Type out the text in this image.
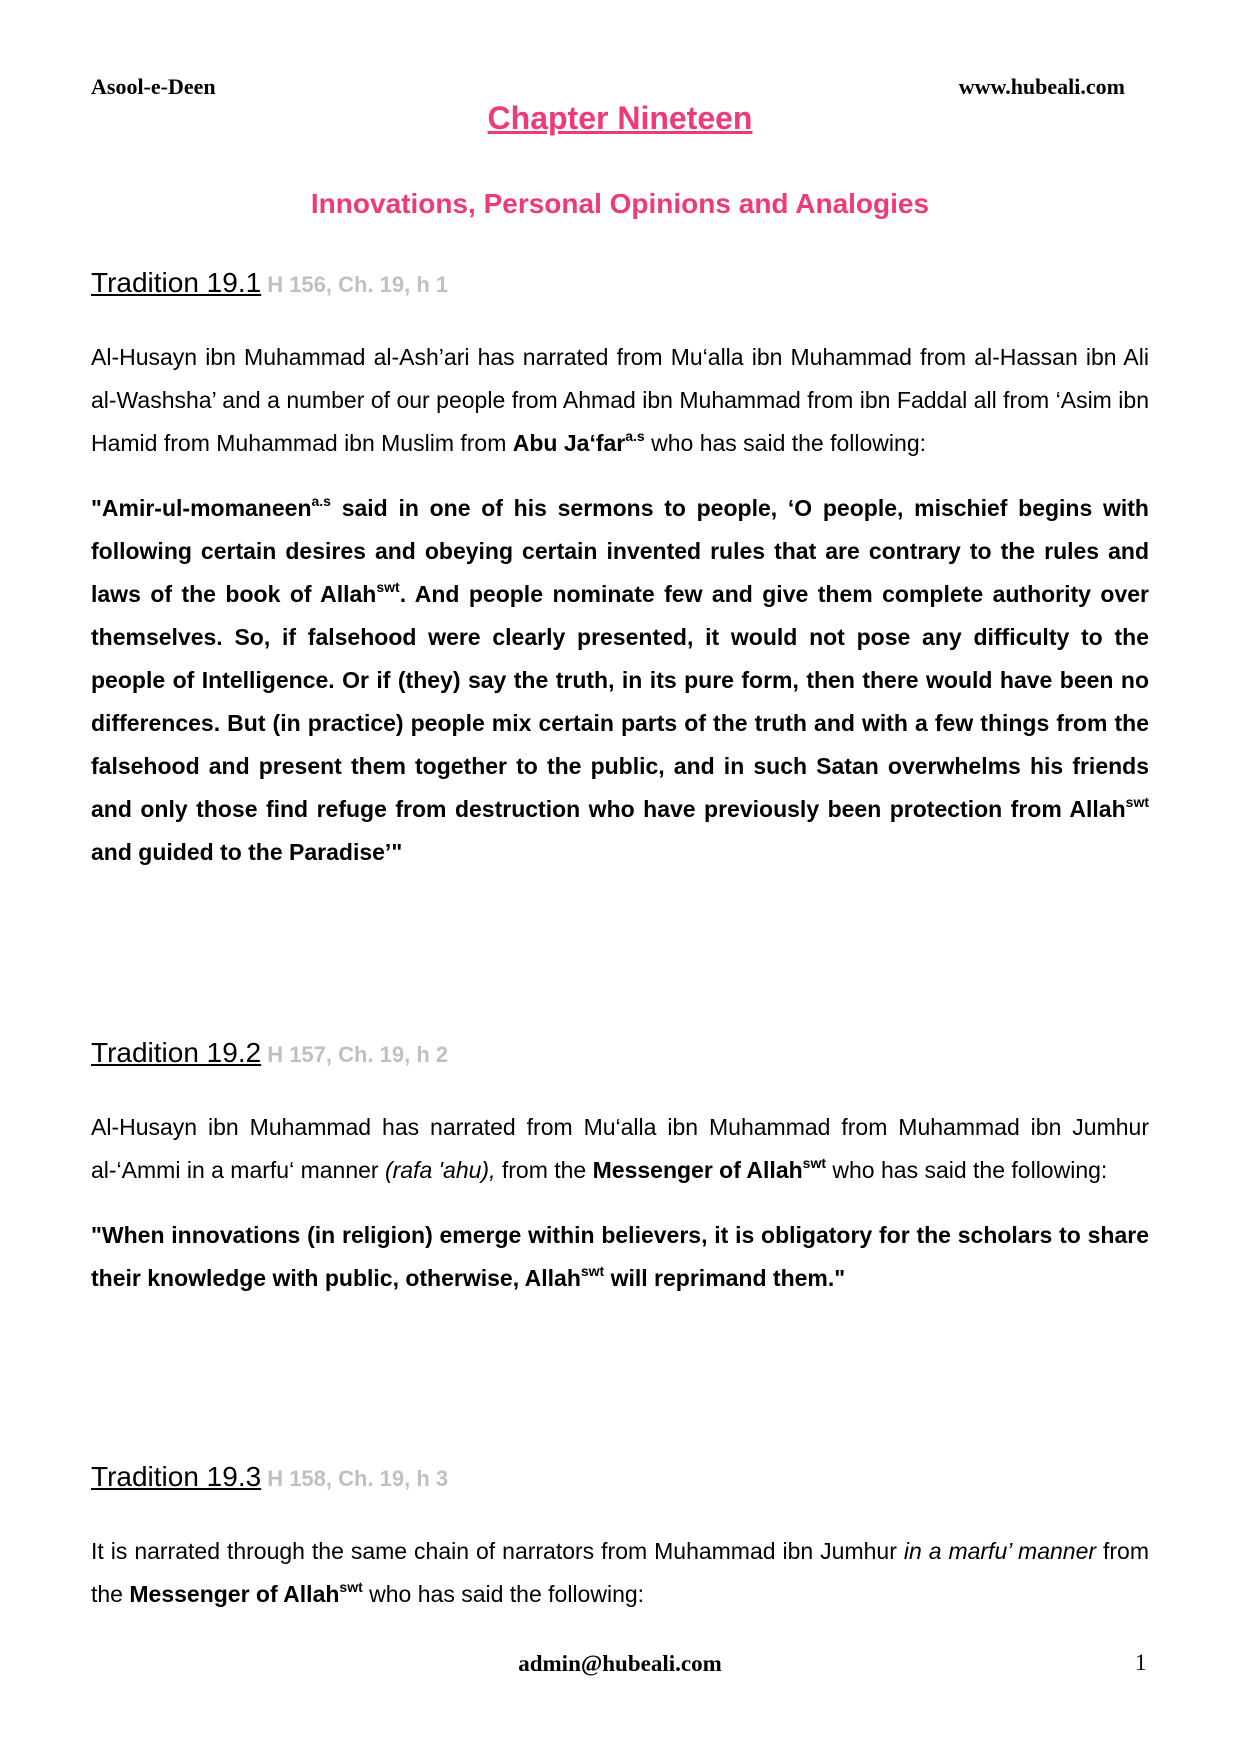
Asool-e-Deen	www.hubeali.com
Chapter Nineteen
Innovations, Personal Opinions and Analogies
Tradition 19.1 H 156, Ch. 19, h 1

Al-Husayn ibn Muhammad al-Ash’ari has narrated from Mu‘alla ibn Muhammad from al-Hassan ibn Ali al-Washsha’ and a number of our people from Ahmad ibn Muhammad from ibn Faddal all from ‘Asim ibn Hamid from Muhammad ibn Muslim from Abu Ja‘far$^{a.s}$ who has said the following:

"Amir-ul-momaneen$^{a.s}$ said in one of his sermons to people, ‘O people, mischief begins with following certain desires and obeying certain invented rules that are contrary to the rules and laws of the book of Allah$^{swt}$. And people nominate few and give them complete authority over themselves. So, if falsehood were clearly presented, it would not pose any difficulty to the people of Intelligence. Or if (they) say the truth, in its pure form, then there would have been no differences. But (in practice) people mix certain parts of the truth and with a few things from the falsehood and present them together to the public, and in such Satan overwhelms his friends and only those find refuge from destruction who have previously been protection from Allah$^{swt}$ and guided to the Paradise’"

Tradition 19.2 H 157, Ch. 19, h 2

Al-Husayn ibn Muhammad has narrated from Mu‘alla ibn Muhammad from Muhammad ibn Jumhur al-‘Ammi in a marfu‘ manner (rafa 'ahu), from the Messenger of Allah$^{swt}$ who has said the following:

"When innovations (in religion) emerge within believers, it is obligatory for the scholars to share their knowledge with public, otherwise, Allah$^{swt}$ will reprimand them."

Tradition 19.3 H 158, Ch. 19, h 3

It is narrated through the same chain of narrators from Muhammad ibn Jumhur in a marfu’ manner from the Messenger of Allah$^{swt}$ who has said the following:

admin@hubeali.com	1
